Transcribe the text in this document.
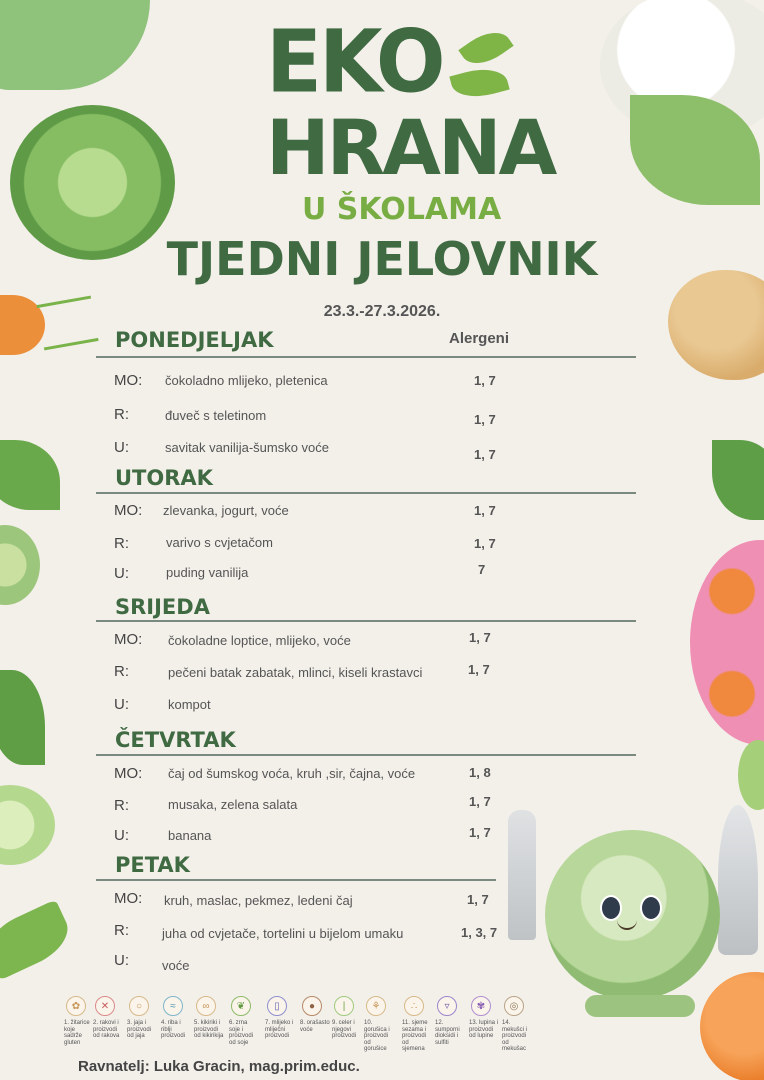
EKO
HRANA
U ŠKOLAMA
TJEDNI JELOVNIK
23.3.-27.3.2026.
Alergeni
PONEDJELJAK
MO: čokoladno mlijeko, pletenica	1, 7
R:	đuveč s teletinom	1, 7
U:	savitak vanilija-šumsko voće	1, 7
UTORAK
MO: zlevanka, jogurt, voće	1, 7
R:	varivo s cvjetačom	1, 7
U:	puding vanilija	7
SRIJEDA
MO: čokoladne loptice, mlijeko, voće	1, 7
R:	pečeni batak zabatak, mlinci, kiseli krastavci	1, 7
U:	kompot
ČETVRTAK
MO: čaj od šumskog voća, kruh ,sir, čajna, voće	1, 8
R:	musaka, zelena salata	1, 7
U:	banana	1, 7
PETAK
MO: kruh, maslac, pekmez, ledeni čaj	1, 7
R:	juha od cvjetače, tortelini u bijelom umaku	1, 3, 7
U:	voće
✿
1. žitarice koje sadrže gluten
✕
2. rakovi i proizvodi od rakova
○
3. jaja i proizvodi od jaja
≈
4. riba i riblji proizvodi
∞
5. kikiriki i proizvodi od kikirikija
❦
6. zrna soje i proizvodi od soje
▯
7. mlijeko i mliječni proizvodi
●
8. orašasto voće
|
9. celer i njegovi proizvodi
⚘
10. gorušica i proizvodi od gorušice
∴
11. sjeme sezama i proizvodi od sjemena
▿
12. sumporni dioksidi i sulfiti
✾
13. lupina i proizvodi od lupine
◎
14. mekušci i proizvodi od mekušac
Ravnatelj: Luka Gracin, mag.prim.educ.
